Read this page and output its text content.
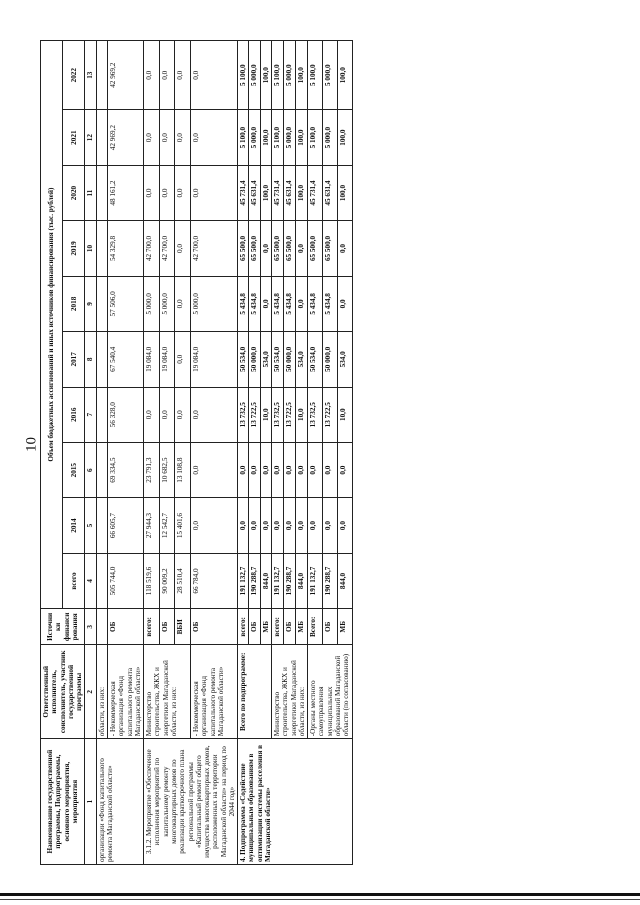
10
Наименование государственной программы, Подпрограммы, основного мероприятия, мероприятия	Ответственный исполнитель, соисполнитель, участник государственной программы	Источники финансирования	Объем бюджетных ассигнований и иных источников финансирования (тыс. рублей)									
			всего	2014	2015	2016	2017	2018	2019	2020	2021	2022
1	2	3	4	5	6	7	8	9	10	11	12	13
организации «Фонд капитального ремонта Магаданской области»	области, из них:											
	- Некоммерческая организация «Фонд капитального ремонта Магаданской области»	ОБ	505 744,0	66 605,7	69 334,5	56 328,0	67 540,4	57 506,0	54 329,8	48 161,2	42 969,2	42 969,2
3.1.2. Мероприятие «Обеспечение исполнения мероприятий по капитальному ремонту многоквартирных домов по реализации краткосрочного плана региональной программы «Капитальный ремонт общего имущества многоквартирных домов, расположенных на территории Магаданской области» на период по 2044 год»	Министерство строительства, ЖКХ и энергетики Магаданской области, из них:	всего:	118 519,6	27 944,3	23 791,3	0,0	19 084,0	5 000,0	42 700,0	0,0	0,0	0,0
		ОБ	90 009,2	12 542,7	10 682,5	0,0	19 084,0	5 000,0	42 700,0	0,0	0,0	0,0
		ВБИ	28 510,4	15 401,6	13 108,8	0,0	0,0	0,0	0,0	0,0	0,0	0,0
	- Некоммерческая организация «Фонд капитального ремонта Магаданской области»	ОБ	66 784,0	0,0	0,0	0,0	19 084,0	5 000,0	42 700,0	0,0	0,0	0,0
4. Подпрограмма «Содействие муниципальным образованиям в оптимизации системы расселения в Магаданской области»	Всего по подпрограмме:	всего:	191 132,7	0,0	0,0	13 732,5	50 534,0	5 434,8	65 500,0	45 731,4	5 100,0	5 100,0
		ОБ	190 288,7	0,0	0,0	13 722,5	50 000,0	5 434,8	65 500,0	45 631,4	5 000,0	5 000,0
		МБ	844,0	0,0	0,0	10,0	534,0	0,0	0,0	100,0	100,0	100,0
	Министерство строительства, ЖКХ и энергетики Магаданской области, из них:	всего:	191 132,7	0,0	0,0	13 732,5	50 534,0	5 434,8	65 500,0	45 731,4	5 100,0	5 100,0
		ОБ	190 288,7	0,0	0,0	13 722,5	50 000,0	5 434,8	65 500,0	45 631,4	5 000,0	5 000,0
		МБ	844,0	0,0	0,0	10,0	534,0	0,0	0,0	100,0	100,0	100,0
	-Органы местного самоуправления муниципальных образований Магаданской области (по согласованию)	Всего:	191 132,7	0,0	0,0	13 732,5	50 534,0	5 434,8	65 500,0	45 731,4	5 100,0	5 100,0
		ОБ	190 288,7	0,0	0,0	13 722,5	50 000,0	5 434,8	65 500,0	45 631,4	5 000,0	5 000,0
		МБ	844,0	0,0	0,0	10,0	534,0	0,0	0,0	100,0	100,0	100,0
